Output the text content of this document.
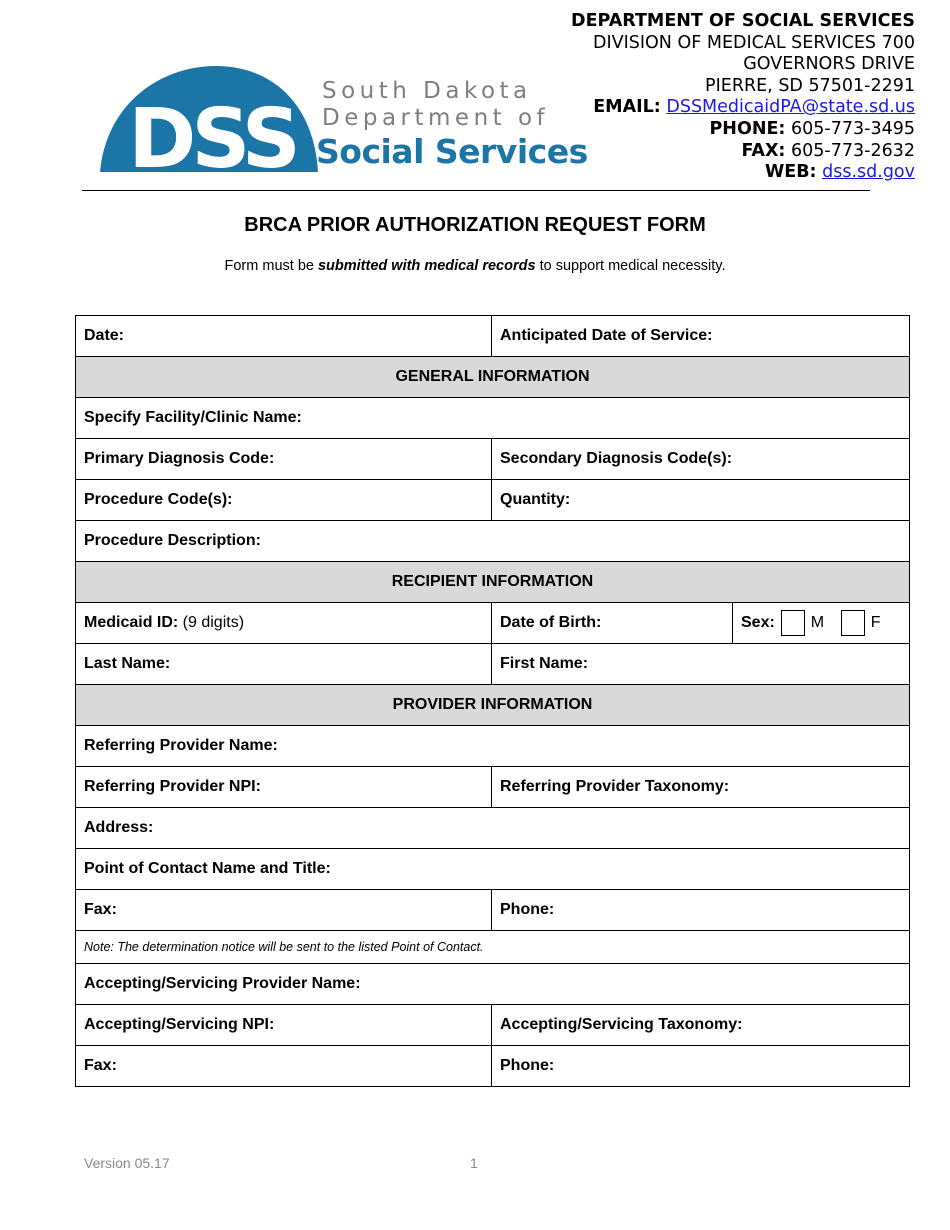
DSS
South Dakota
Department of
Social Services
DEPARTMENT OF SOCIAL SERVICES
DIVISION OF MEDICAL SERVICES 700
GOVERNORS DRIVE
PIERRE, SD 57501-2291
EMAIL: DSSMedicaidPA@state.sd.us
PHONE: 605-773-3495
FAX: 605-773-2632
WEB: dss.sd.gov
BRCA PRIOR AUTHORIZATION REQUEST FORM
Form must be submitted with medical records to support medical necessity.
Date:	Anticipated Date of Service:	
GENERAL INFORMATION		
Specify Facility/Clinic Name:		
Primary Diagnosis Code:	Secondary Diagnosis Code(s):	
Procedure Code(s):	Quantity:	
Procedure Description:		
RECIPIENT INFORMATION		
Medicaid ID: (9 digits)	Date of Birth:	Sex: M F

Last Name:	First Name:	
PROVIDER INFORMATION		
Referring Provider Name:		
Referring Provider NPI:	Referring Provider Taxonomy:	
Address:		
Point of Contact Name and Title:		
Fax:	Phone:	
Note: The determination notice will be sent to the listed Point of Contact.		
Accepting/Servicing Provider Name:		
Accepting/Servicing NPI:	Accepting/Servicing Taxonomy:	
Fax:	Phone:	
Version 05.17	1
